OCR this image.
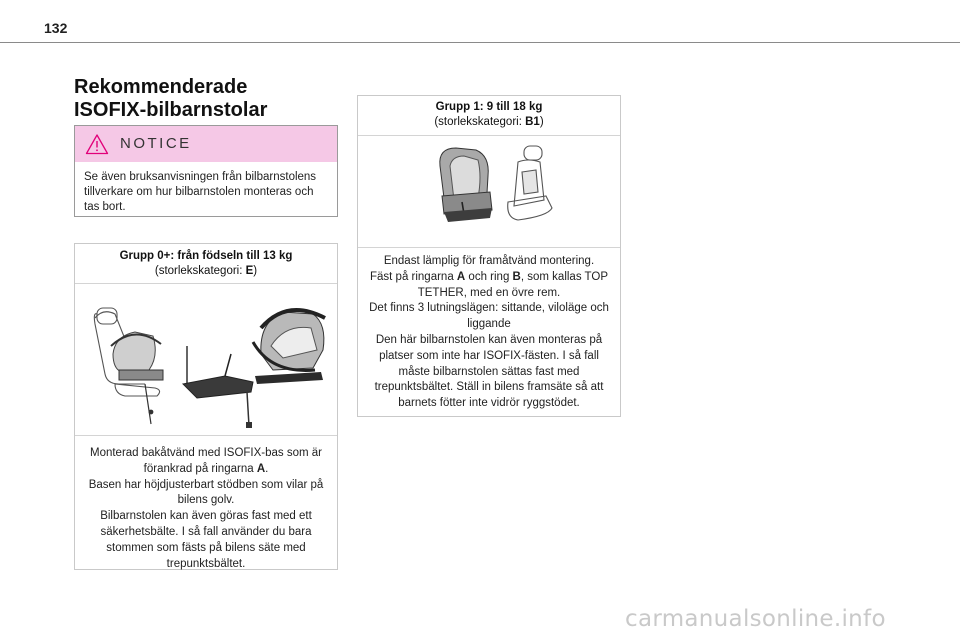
132
Rekommenderade
ISOFIX-bilbarnstolar
NOTICE
Se även bruksanvisningen från bilbarnstolens tillverkare om hur bilbarnstolen monteras och tas bort.
Grupp 0+: från födseln till 13 kg
(storlekskategori: E)
Monterad bakåtvänd med ISOFIX-bas som är förankrad på ringarna A.
Basen har höjdjusterbart stödben som vilar på bilens golv.
Bilbarnstolen kan även göras fast med ett säkerhetsbälte. I så fall använder du bara stommen som fästs på bilens säte med trepunktsbältet.
Grupp 1: 9 till 18 kg
(storlekskategori: B1)
Endast lämplig för framåtvänd montering.
Fäst på ringarna A och ring B, som kallas TOP TETHER, med en övre rem.
Det finns 3 lutningslägen: sittande, viloläge och liggande
Den här bilbarnstolen kan även monteras på platser som inte har ISOFIX-fästen. I så fall måste bilbarnstolen sättas fast med trepunktsbältet. Ställ in bilens framsäte så att barnets fötter inte vidrör ryggstödet.
carmanualsonline.info
